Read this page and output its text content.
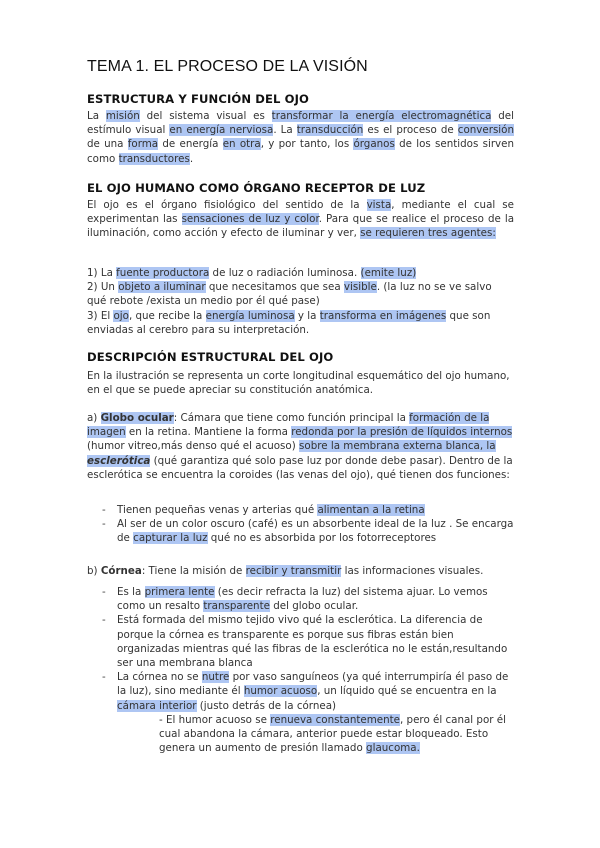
TEMA 1. EL PROCESO DE LA VISIÓN
ESTRUCTURA Y FUNCIÓN DEL OJO

La misión del sistema visual es transformar la energía electromagnética del estímulo visual en energía nerviosa. La transducción es el proceso de conversión de una forma de energía en otra, y por tanto, los órganos de los sentidos sirven como transductores.

EL OJO HUMANO COMO ÓRGANO RECEPTOR DE LUZ

El ojo es el órgano fisiológico del sentido de la vista, mediante el cual se experimentan las sensaciones de luz y color. Para que se realice el proceso de la iluminación, como acción y efecto de iluminar y ver, se requieren tres agentes:

1) La fuente productora de luz o radiación luminosa. (emite luz)
2) Un objeto a iluminar que necesitamos que sea visible. (la luz no se ve salvo qué rebote /exista un medio por él qué pase)
3) El ojo, que recibe la energía luminosa y la transforma en imágenes que son enviadas al cerebro para su interpretación.
DESCRIPCIÓN ESTRUCTURAL DEL OJO

En la ilustración se representa un corte longitudinal esquemático del ojo humano, en el que se puede apreciar su constitución anatómica.

a) Globo ocular: Cámara que tiene como función principal la formación de la imagen en la retina. Mantiene la forma redonda por la presión de líquidos internos (humor vitreo,más denso qué el acuoso) sobre la membrana externa blanca, la esclerótica (qué garantiza qué solo pase luz por donde debe pasar). Dentro de la esclerótica se encuentra la coroides (las venas del ojo), qué tienen dos funciones:

- Tienen pequeñas venas y arterias qué alimentan a la retina
- Al ser de un color oscuro (café) es un absorbente ideal de la luz . Se encarga de capturar la luz qué no es absorbida por los fotorreceptores

b) Córnea: Tiene la misión de recibir y transmitir las informaciones visuales.

- Es la primera lente (es decir refracta la luz) del sistema ajuar. Lo vemos como un resalto transparente del globo ocular.
- Está formada del mismo tejido vivo qué la esclerótica. La diferencia de porque la córnea es transparente es porque sus fibras están bien organizadas mientras qué las fibras de la esclerótica no le están,resultando ser una membrana blanca
- La córnea no se nutre por vaso sanguíneos (ya qué interrumpiría él paso de la luz), sino mediante él humor acuoso, un líquido qué se encuentra en la cámara interior (justo detrás de la córnea)
- El humor acuoso se renueva constantemente, pero él canal por él cual abandona la cámara, anterior puede estar bloqueado. Esto genera un aumento de presión llamado glaucoma.
